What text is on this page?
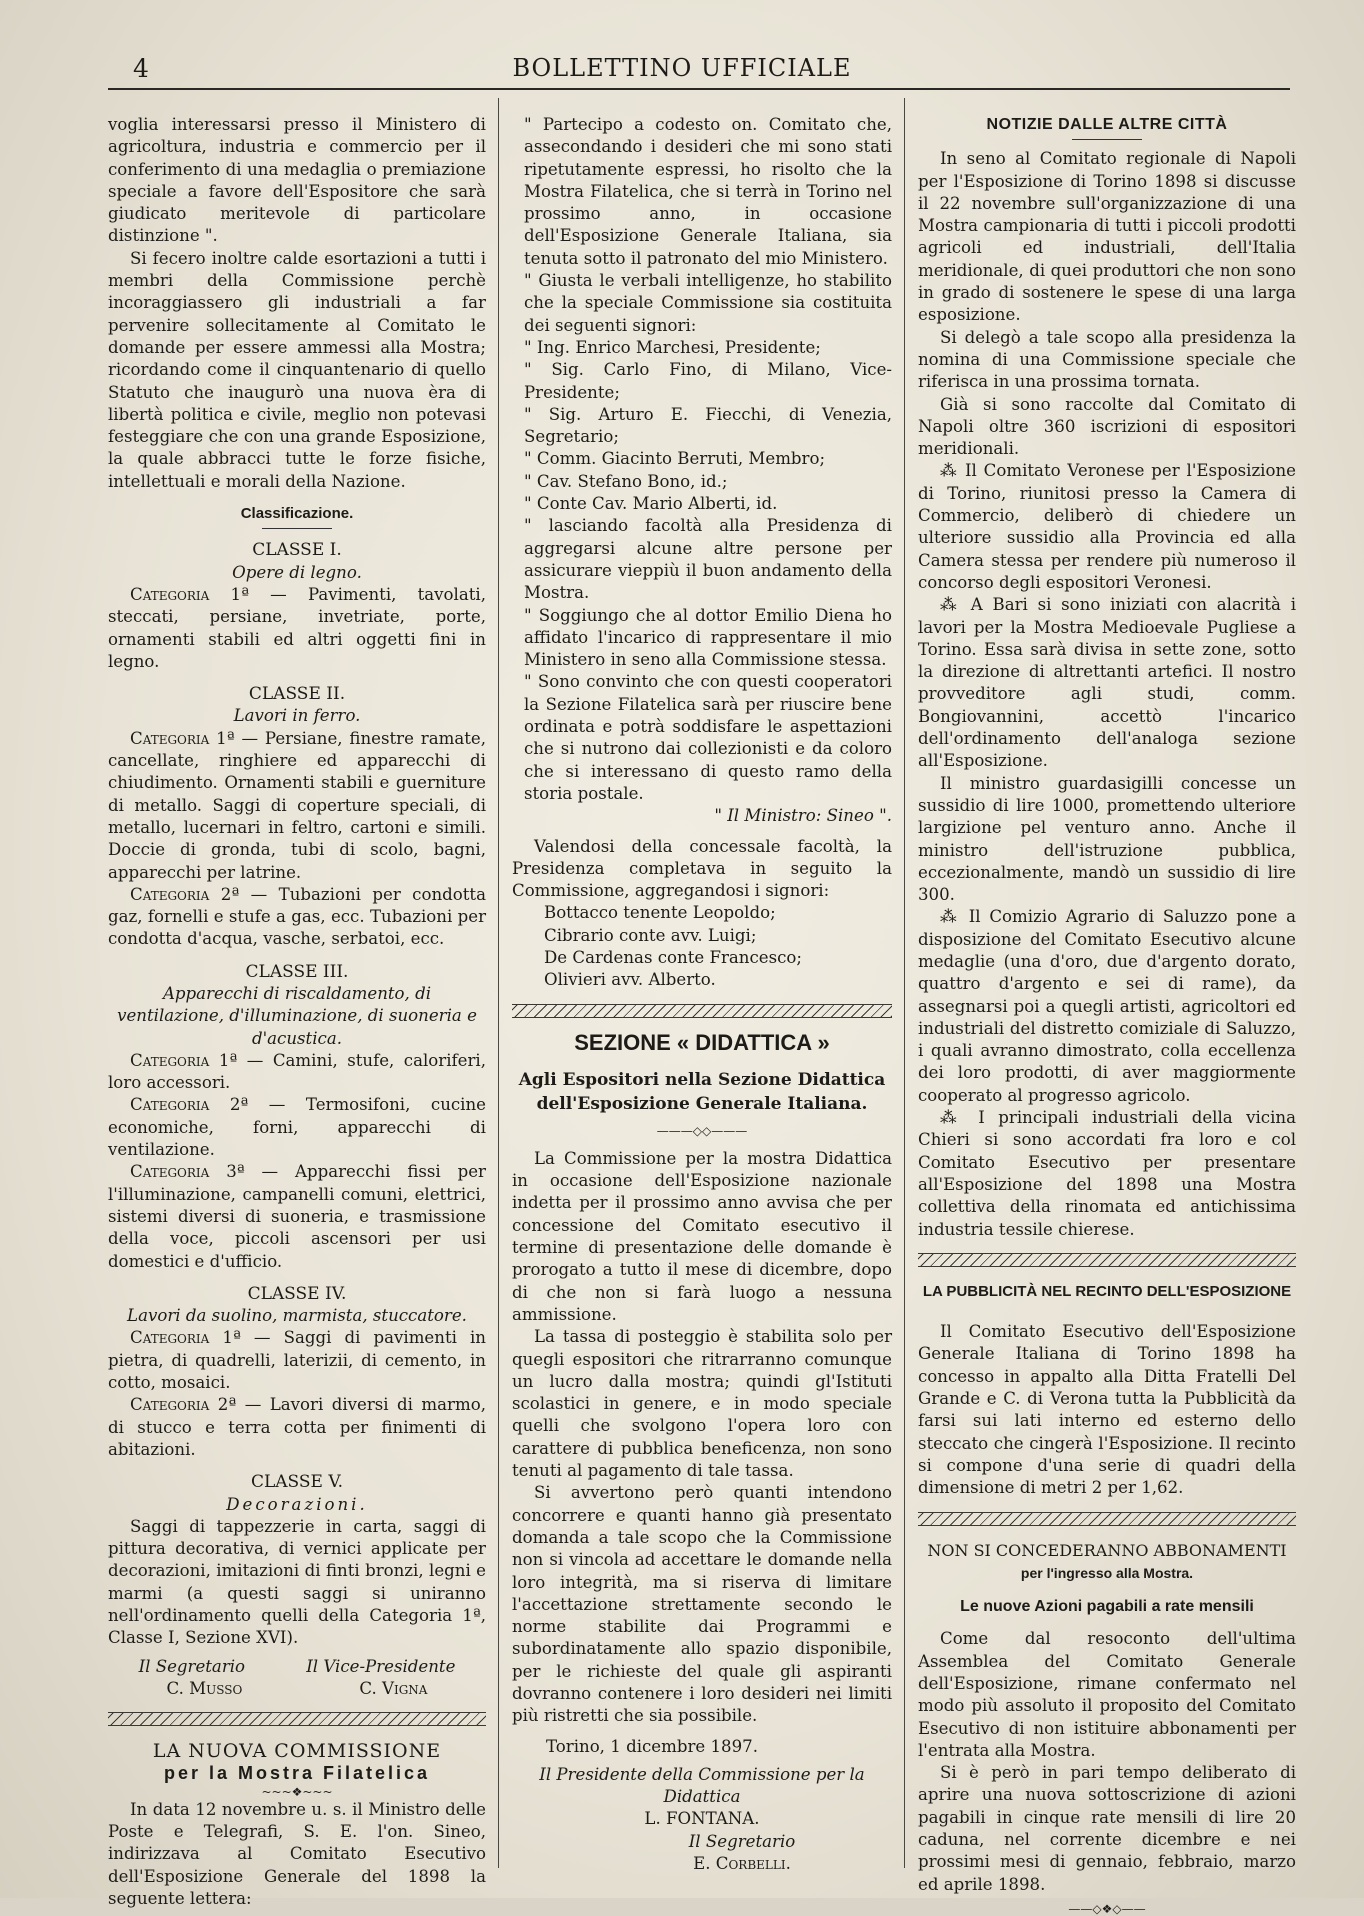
4	BOLLETTINO UFFICIALE

voglia interessarsi presso il Ministero di agricoltura, industria e commercio per il conferimento di una medaglia o premiazione speciale a favore dell'Espositore che sarà giudicato meritevole di particolare distinzione ".

Si fecero inoltre calde esortazioni a tutti i membri della Commissione perchè incoraggiassero gli industriali a far pervenire sollecitamente al Comitato le domande per essere ammessi alla Mostra; ricordando come il cinquantenario di quello Statuto che inaugurò una nuova èra di libertà politica e civile, meglio non potevasi festeggiare che con una grande Esposizione, la quale abbracci tutte le forze fisiche, intellettuali e morali della Nazione.

Classificazione.
CLASSE I.
Opere di legno.

Categoria 1ª — Pavimenti, tavolati, steccati, persiane, invetriate, porte, ornamenti stabili ed altri oggetti fini in legno.

CLASSE II.
Lavori in ferro.

Categoria 1ª — Persiane, finestre ramate, cancellate, ringhiere ed apparecchi di chiudimento. Ornamenti stabili e guerniture di metallo. Saggi di coperture speciali, di metallo, lucernari in feltro, cartoni e simili. Doccie di gronda, tubi di scolo, bagni, apparecchi per latrine.

Categoria 2ª — Tubazioni per condotta gaz, fornelli e stufe a gas, ecc. Tubazioni per condotta d'acqua, vasche, serbatoi, ecc.

CLASSE III.
Apparecchi di riscaldamento, di ventilazione, d'illuminazione, di suoneria e d'acustica.

Categoria 1ª — Camini, stufe, caloriferi, loro accessori.

Categoria 2ª — Termosifoni, cucine economiche, forni, apparecchi di ventilazione.

Categoria 3ª — Apparecchi fissi per l'illuminazione, campanelli comuni, elettrici, sistemi diversi di suoneria, e trasmissione della voce, piccoli ascensori per usi domestici e d'ufficio.

CLASSE IV.
Lavori da suolino, marmista, stuccatore.

Categoria 1ª — Saggi di pavimenti in pietra, di quadrelli, laterizii, di cemento, in cotto, mosaici.

Categoria 2ª — Lavori diversi di marmo, di stucco e terra cotta per finimenti di abitazioni.

CLASSE V.
Decorazioni.

Saggi di tappezzerie in carta, saggi di pittura decorativa, di vernici applicate per decorazioni, imitazioni di finti bronzi, legni e marmi (a questi saggi si uniranno nell'ordinamento quelli della Categoria 1ª, Classe I, Sezione XVI).

Il Segretario	Il Vice-Presidente
C. Musso	C. Vigna
LA NUOVA COMMISSIONE
per la Mostra Filatelica
~~~❖~~~

In data 12 novembre u. s. il Ministro delle Poste e Telegrafi, S. E. l'on. Sineo, indirizzava al Comitato Esecutivo dell'Esposizione Generale del 1898 la seguente lettera:

" Partecipo a codesto on. Comitato che, assecondando i desideri che mi sono stati ripetutamente espressi, ho risolto che la Mostra Filatelica, che si terrà in Torino nel prossimo anno, in occasione dell'Esposizione Generale Italiana, sia tenuta sotto il patronato del mio Ministero.

" Giusta le verbali intelligenze, ho stabilito che la speciale Commissione sia costituita dei seguenti signori:

" Ing. Enrico Marchesi, Presidente;

" Sig. Carlo Fino, di Milano, Vice-Presidente;

" Sig. Arturo E. Fiecchi, di Venezia, Segretario;

" Comm. Giacinto Berruti, Membro;

" Cav. Stefano Bono, id.;

" Conte Cav. Mario Alberti, id.

" lasciando facoltà alla Presidenza di aggregarsi alcune altre persone per assicurare vieppiù il buon andamento della Mostra.

" Soggiungo che al dottor Emilio Diena ho affidato l'incarico di rappresentare il mio Ministero in seno alla Commissione stessa.

" Sono convinto che con questi cooperatori la Sezione Filatelica sarà per riuscire bene ordinata e potrà soddisfare le aspettazioni che si nutrono dai collezionisti e da coloro che si interessano di questo ramo della storia postale.

" Il Ministro: Sineo ".

Valendosi della concessale facoltà, la Presidenza completava in seguito la Commissione, aggregandosi i signori:

Bottacco tenente Leopoldo;

Cibrario conte avv. Luigi;

De Cardenas conte Francesco;

Olivieri avv. Alberto.

SEZIONE « DIDATTICA »
Agli Espositori nella Sezione Didattica
dell'Esposizione Generale Italiana.
———◇◇———

La Commissione per la mostra Didattica in occasione dell'Esposizione nazionale indetta per il prossimo anno avvisa che per concessione del Comitato esecutivo il termine di presentazione delle domande è prorogato a tutto il mese di dicembre, dopo di che non si farà luogo a nessuna ammissione.

La tassa di posteggio è stabilita solo per quegli espositori che ritrarranno comunque un lucro dalla mostra; quindi gl'Istituti scolastici in genere, e in modo speciale quelli che svolgono l'opera loro con carattere di pubblica beneficenza, non sono tenuti al pagamento di tale tassa.

Si avvertono però quanti intendono concorrere e quanti hanno già presentato domanda a tale scopo che la Commissione non si vincola ad accettare le domande nella loro integrità, ma si riserva di limitare l'accettazione strettamente secondo le norme stabilite dai Programmi e subordinatamente allo spazio disponibile, per le richieste del quale gli aspiranti dovranno contenere i loro desideri nei limiti più ristretti che sia possibile.

Torino, 1 dicembre 1897.

Il Presidente della Commissione per la Didattica

L. FONTANA.

Il Segretario

E. Corbelli.

NOTIZIE DALLE ALTRE CITTÀ

In seno al Comitato regionale di Napoli per l'Esposizione di Torino 1898 si discusse il 22 novembre sull'organizzazione di una Mostra campionaria di tutti i piccoli prodotti agricoli ed industriali, dell'Italia meridionale, di quei produttori che non sono in grado di sostenere le spese di una larga esposizione.

Si delegò a tale scopo alla presidenza la nomina di una Commissione speciale che riferisca in una prossima tornata.

Già si sono raccolte dal Comitato di Napoli oltre 360 iscrizioni di espositori meridionali.

⁂ Il Comitato Veronese per l'Esposizione di Torino, riunitosi presso la Camera di Commercio, deliberò di chiedere un ulteriore sussidio alla Provincia ed alla Camera stessa per rendere più numeroso il concorso degli espositori Veronesi.

⁂ A Bari si sono iniziati con alacrità i lavori per la Mostra Medioevale Pugliese a Torino. Essa sarà divisa in sette zone, sotto la direzione di altrettanti artefici. Il nostro provveditore agli studi, comm. Bongiovannini, accettò l'incarico dell'ordinamento dell'analoga sezione all'Esposizione.

Il ministro guardasigilli concesse un sussidio di lire 1000, promettendo ulteriore largizione pel venturo anno. Anche il ministro dell'istruzione pubblica, eccezionalmente, mandò un sussidio di lire 300.

⁂ Il Comizio Agrario di Saluzzo pone a disposizione del Comitato Esecutivo alcune medaglie (una d'oro, due d'argento dorato, quattro d'argento e sei di rame), da assegnarsi poi a quegli artisti, agricoltori ed industriali del distretto comiziale di Saluzzo, i quali avranno dimostrato, colla eccellenza dei loro prodotti, di aver maggiormente cooperato al progresso agricolo.

⁂ I principali industriali della vicina Chieri si sono accordati fra loro e col Comitato Esecutivo per presentare all'Esposizione del 1898 una Mostra collettiva della rinomata ed antichissima industria tessile chierese.

LA PUBBLICITÀ NEL RECINTO DELL'ESPOSIZIONE

Il Comitato Esecutivo dell'Esposizione Generale Italiana di Torino 1898 ha concesso in appalto alla Ditta Fratelli Del Grande e C. di Verona tutta la Pubblicità da farsi sui lati interno ed esterno dello steccato che cingerà l'Esposizione. Il recinto si compone d'una serie di quadri della dimensione di metri 2 per 1,62.

NON SI CONCEDERANNO ABBONAMENTI
per l'ingresso alla Mostra.
Le nuove Azioni pagabili a rate mensili

Come dal resoconto dell'ultima Assemblea del Comitato Generale dell'Esposizione, rimane confermato nel modo più assoluto il proposito del Comitato Esecutivo di non istituire abbonamenti per l'entrata alla Mostra.

Si è però in pari tempo deliberato di aprire una nuova sottoscrizione di azioni pagabili in cinque rate mensili di lire 20 caduna, nel corrente dicembre e nei prossimi mesi di gennaio, febbraio, marzo ed aprile 1898.

——◇❖◇——
